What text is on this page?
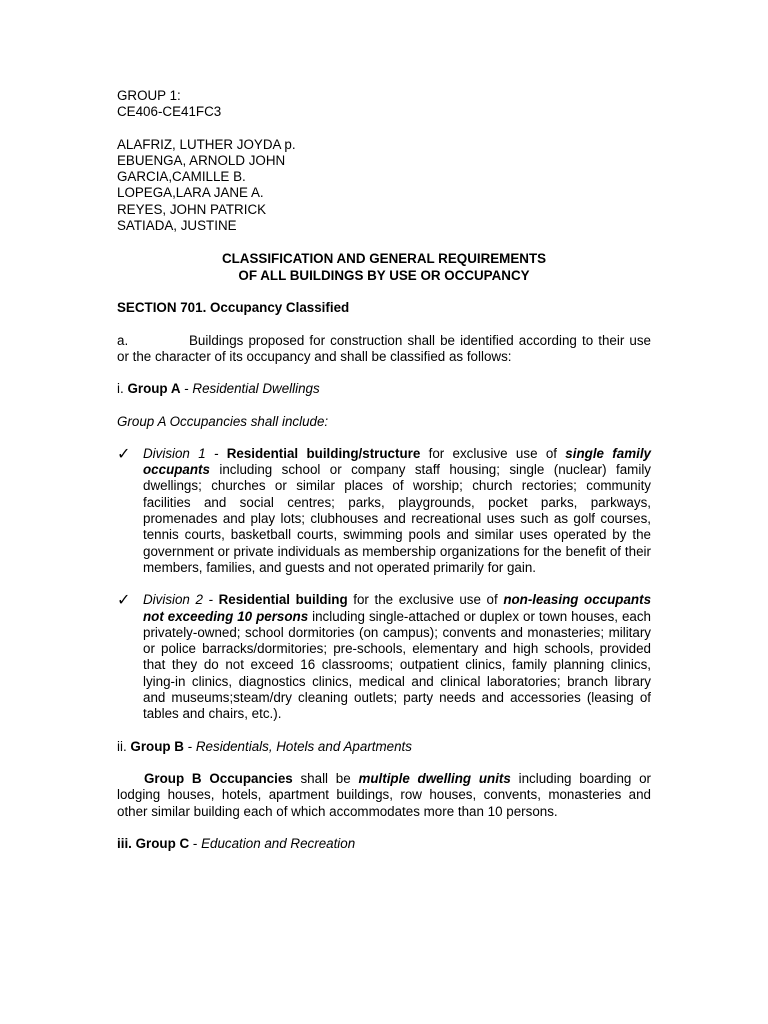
GROUP 1:
CE406-CE41FC3
ALAFRIZ, LUTHER JOYDA p.
EBUENGA, ARNOLD JOHN
GARCIA,CAMILLE B.
LOPEGA,LARA JANE A.
REYES, JOHN PATRICK
SATIADA, JUSTINE
CLASSIFICATION AND GENERAL REQUIREMENTS
OF ALL BUILDINGS BY USE OR OCCUPANCY
SECTION 701. Occupancy Classified

a.	Buildings proposed for construction shall be identified according to their use or the character of its occupancy and shall be classified as follows:

i. Group A - Residential Dwellings
Group A Occupancies shall include:
✓ Division 1 - Residential building/structure for exclusive use of single family occupants including school or company staff housing; single (nuclear) family dwellings; churches or similar places of worship; church rectories; community facilities and social centres; parks, playgrounds, pocket parks, parkways, promenades and play lots; clubhouses and recreational uses such as golf courses, tennis courts, basketball courts, swimming pools and similar uses operated by the government or private individuals as membership organizations for the benefit of their members, families, and guests and not operated primarily for gain.

✓ Division 2 - Residential building for the exclusive use of non-leasing occupants not exceeding 10 persons including single-attached or duplex or town houses, each privately-owned; school dormitories (on campus); convents and monasteries; military or police barracks/dormitories; pre-schools, elementary and high schools, provided that they do not exceed 16 classrooms; outpatient clinics, family planning clinics, lying-in clinics, diagnostics clinics, medical and clinical laboratories; branch library and museums;steam/dry cleaning outlets; party needs and accessories (leasing of tables and chairs, etc.).

ii. Group B - Residentials, Hotels and Apartments

Group B Occupancies shall be multiple dwelling units including boarding or lodging houses, hotels, apartment buildings, row houses, convents, monasteries and other similar building each of which accommodates more than 10 persons.

iii. Group C - Education and Recreation
